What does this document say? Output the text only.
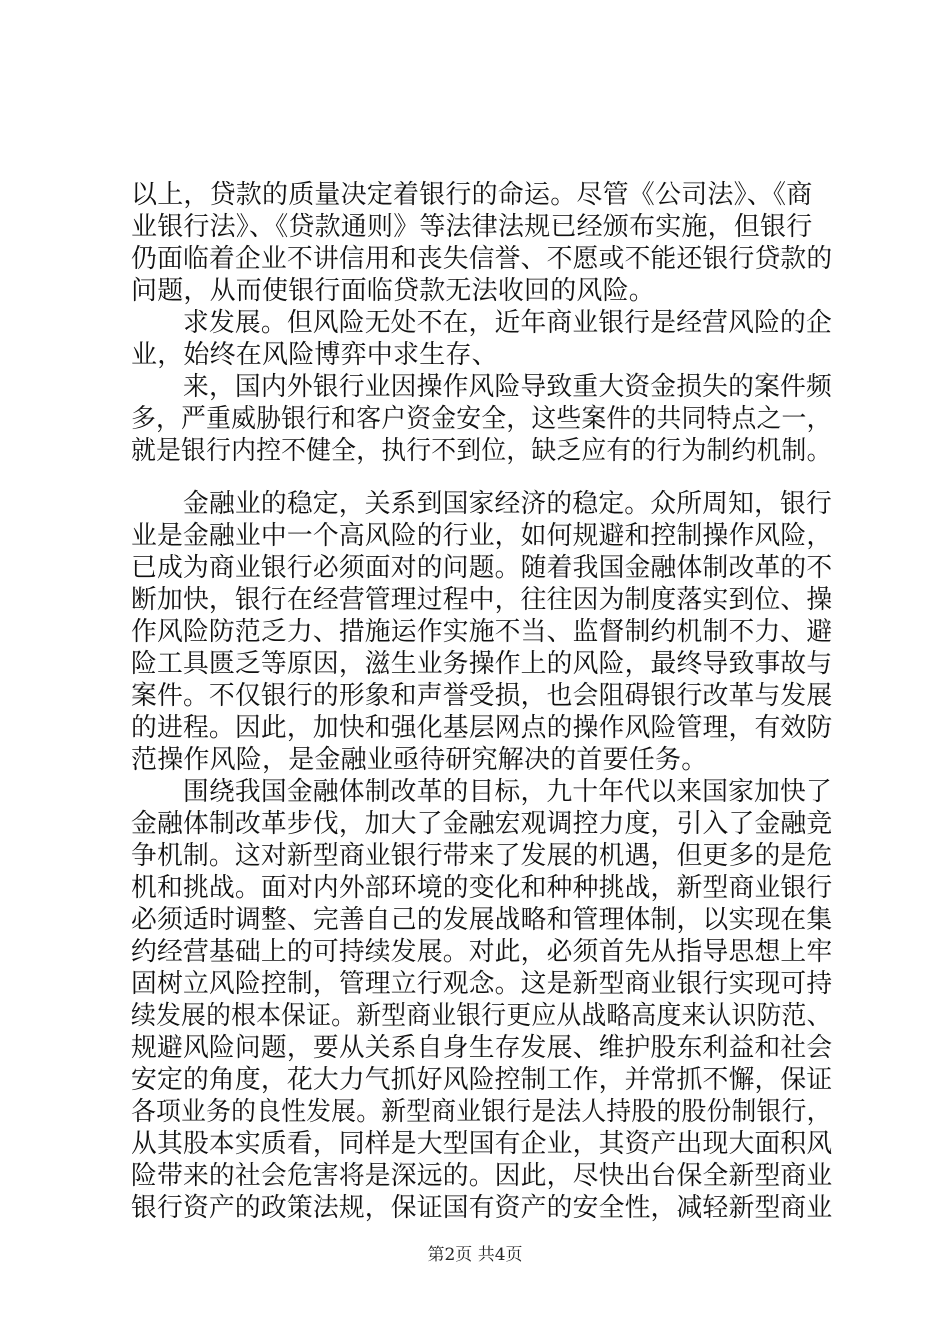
以上，贷款的质量决定着银行的命运。尽管《公司法》、《商
业银行法》、《贷款通则》等法律法规已经颁布实施，但银行
仍面临着企业不讲信用和丧失信誉、不愿或不能还银行贷款的
问题，从而使银行面临贷款无法收回的风险。
求发展。但风险无处不在，近年商业银行是经营风险的企
业，始终在风险博弈中求生存、
来，国内外银行业因操作风险导致重大资金损失的案件频
多，严重威胁银行和客户资金安全，这些案件的共同特点之一，
就是银行内控不健全，执行不到位，缺乏应有的行为制约机制。
金融业的稳定，关系到国家经济的稳定。众所周知，银行
业是金融业中一个高风险的行业，如何规避和控制操作风险，
已成为商业银行必须面对的问题。随着我国金融体制改革的不
断加快，银行在经营管理过程中，往往因为制度落实到位、操
作风险防范乏力、措施运作实施不当、监督制约机制不力、避
险工具匮乏等原因，滋生业务操作上的风险，最终导致事故与
案件。不仅银行的形象和声誉受损，也会阻碍银行改革与发展
的进程。因此，加快和强化基层网点的操作风险管理，有效防
范操作风险，是金融业亟待研究解决的首要任务。
围绕我国金融体制改革的目标，九十年代以来国家加快了
金融体制改革步伐，加大了金融宏观调控力度，引入了金融竞
争机制。这对新型商业银行带来了发展的机遇，但更多的是危
机和挑战。面对内外部环境的变化和种种挑战，新型商业银行
必须适时调整、完善自己的发展战略和管理体制，以实现在集
约经营基础上的可持续发展。对此，必须首先从指导思想上牢
固树立风险控制，管理立行观念。这是新型商业银行实现可持
续发展的根本保证。新型商业银行更应从战略高度来认识防范、
规避风险问题，要从关系自身生存发展、维护股东利益和社会
安定的角度，花大力气抓好风险控制工作，并常抓不懈，保证
各项业务的良性发展。新型商业银行是法人持股的股份制银行，
从其股本实质看，同样是大型国有企业，其资产出现大面积风
险带来的社会危害将是深远的。因此，尽快出台保全新型商业
银行资产的政策法规，保证国有资产的安全性，减轻新型商业
第2页 共4页
